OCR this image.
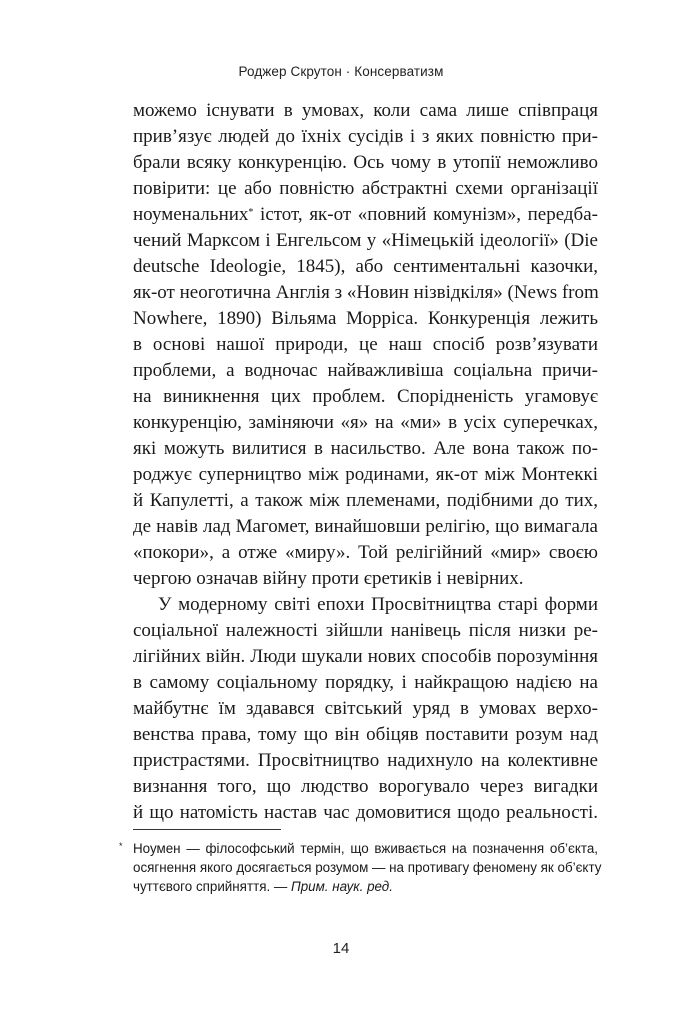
Роджер Скрутон · Консерватизм
можемо існувати в умовах, коли сама лише співпраця
прив’язує людей до їхніх сусідів і з яких повністю при-
брали всяку конкуренцію. Ось чому в утопії неможливо
повірити: це або повністю абстрактні схеми організації
ноуменальних* істот, як-от «повний комунізм», передба-
чений Марксом і Енгельсом у «Німецькій ідеології» (Die
deutsche Ideologie, 1845), або сентиментальні казочки,
як-от неоготична Англія з «Новин нізвідкіля» (News from
Nowhere, 1890) Вільяма Морріса. Конкуренція лежить
в основі нашої природи, це наш спосіб розв’язувати
проблеми, а водночас найважливіша соціальна причи-
на виникнення цих проблем. Спорідненість угамовує
конкуренцію, заміняючи «я» на «ми» в усіх суперечках,
які можуть вилитися в насильство. Але вона також по-
роджує суперництво між родинами, як-от між Монтеккі
й Капулетті, а також між племенами, подібними до тих,
де навів лад Магомет, винайшовши релігію, що вимагала
«покори», а отже «миру». Той релігійний «мир» своєю
чергою означав війну проти єретиків і невірних.
У модерному світі епохи Просвітництва старі форми
соціальної належності зійшли нанівець після низки ре-
лігійних війн. Люди шукали нових способів порозуміння
в самому соціальному порядку, і найкращою надією на
майбутнє їм здавався світський уряд в умовах верхо-
венства права, тому що він обіцяв поставити розум над
пристрастями. Просвітництво надихнуло на колективне
визнання того, що людство ворогувало через вигадки
й що натомість настав час домовитися щодо реальності.
* Ноумен — філософський термін, що вживається на позначення об’єкта,
осягнення якого досягається розумом — на противагу феномену як об’єкту
чуттєвого сприйняття. — Прим. наук. ред.
14
